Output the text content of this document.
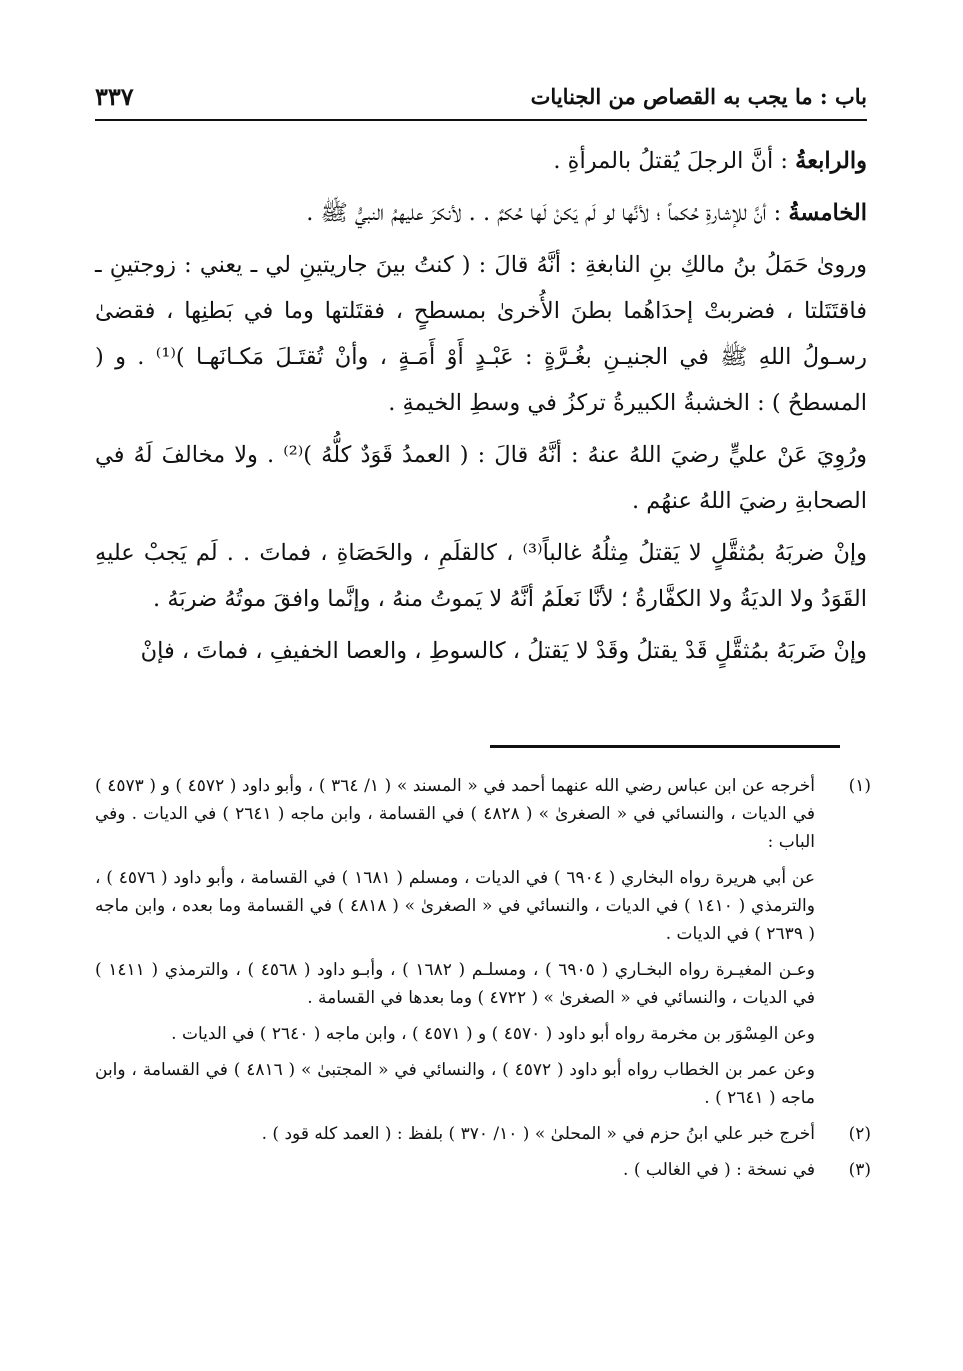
باب : ما يجب به القصاص من الجنايات
٣٣٧

والرابعةُ : أنَّ الرجلَ يُقتلُ بالمرأةِ .

الخامسةُ : أنَّ للإشارةِ حُكماً ؛ لأنَّها لو لَم يَكنْ لَها حُكمٌ . . لأنكرَ عليهمُ النبيُّ ﷺ .

وروىٰ حَمَلُ بنُ مالكِ بنِ النابغةِ : أنَّهُ قالَ : ( كنتُ بينَ جاريتينِ لي ـ يعني : زوجتينِ ـ فاقتَتَلتا ، فضربتْ إحدَاهُما بطنَ الأُخرىٰ بمسطحٍ ، فقتَلتها وما في بَطنِها ، فقضىٰ رسـولُ اللهِ ﷺ في الجنيـنِ بغُـرَّةٍ : عَبْـدٍ أَوْ أَمَـةٍ ، وأنْ تُقتَـلَ مَكـانَهـا )⁽¹⁾ . و ( المسطحُ ) : الخشبةُ الكبيرةُ تركزُ في وسطِ الخيمةِ .

ورُوِيَ عَنْ عليٍّ رضيَ اللهُ عنهُ : أنَّهُ قالَ : ( العمدُ قَوَدٌ كلُّهُ )⁽²⁾ . ولا مخالفَ لَهُ في الصحابةِ رضيَ اللهُ عنهُم .

وإنْ ضربَهُ بمُثقَّلٍ لا يَقتلُ مِثلُهُ غالباً⁽³⁾ ، كالقلَمِ ، والحَصَاةِ ، فماتَ . . لَم يَجبْ عليهِ القَوَدُ ولا الديَةُ ولا الكفَّارةُ ؛ لأنَّا نَعلَمُ أنَّهُ لا يَموتُ منهُ ، وإنَّما وافقَ موتُهُ ضربَهُ .

وإنْ ضَربَهُ بمُثقَّلٍ قَدْ يقتلُ وقَدْ لا يَقتلُ ، كالسوطِ ، والعصا الخفيفِ ، فماتَ ، فإنْ

(١)
أخرجه عن ابن عباس رضي الله عنهما أحمد في « المسند » ( ١/ ٣٦٤ ) ، وأبو داود ( ٤٥٧٢ ) و ( ٤٥٧٣ ) في الديات ، والنسائي في « الصغرىٰ » ( ٤٨٢٨ ) في القسامة ، وابن ماجه ( ٢٦٤١ ) في الديات . وفي الباب :
عن أبي هريرة رواه البخاري ( ٦٩٠٤ ) في الديات ، ومسلم ( ١٦٨١ ) في القسامة ، وأبو داود ( ٤٥٧٦ ) ، والترمذي ( ١٤١٠ ) في الديات ، والنسائي في « الصغرىٰ » ( ٤٨١٨ ) في القسامة وما بعده ، وابن ماجه ( ٢٦٣٩ ) في الديات .
وعـن المغيـرة رواه البخـاري ( ٦٩٠٥ ) ، ومسلـم ( ١٦٨٢ ) ، وأبـو داود ( ٤٥٦٨ ) ، والترمذي ( ١٤١١ ) في الديات ، والنسائي في « الصغرىٰ » ( ٤٧٢٢ ) وما بعدها في القسامة .
وعن المِسْوَر بن مخرمة رواه أبو داود ( ٤٥٧٠ ) و ( ٤٥٧١ ) ، وابن ماجه ( ٢٦٤٠ ) في الديات .
وعن عمر بن الخطاب رواه أبو داود ( ٤٥٧٢ ) ، والنسائي في « المجتبىٰ » ( ٤٨١٦ ) في القسامة ، وابن ماجه ( ٢٦٤١ ) .
(٢)
أخرج خبر علي ابنُ حزم في « المحلىٰ » ( ١٠/ ٣٧٠ ) بلفظ : ( العمد كله قود ) .
(٣)
في نسخة : ( في الغالب ) .
